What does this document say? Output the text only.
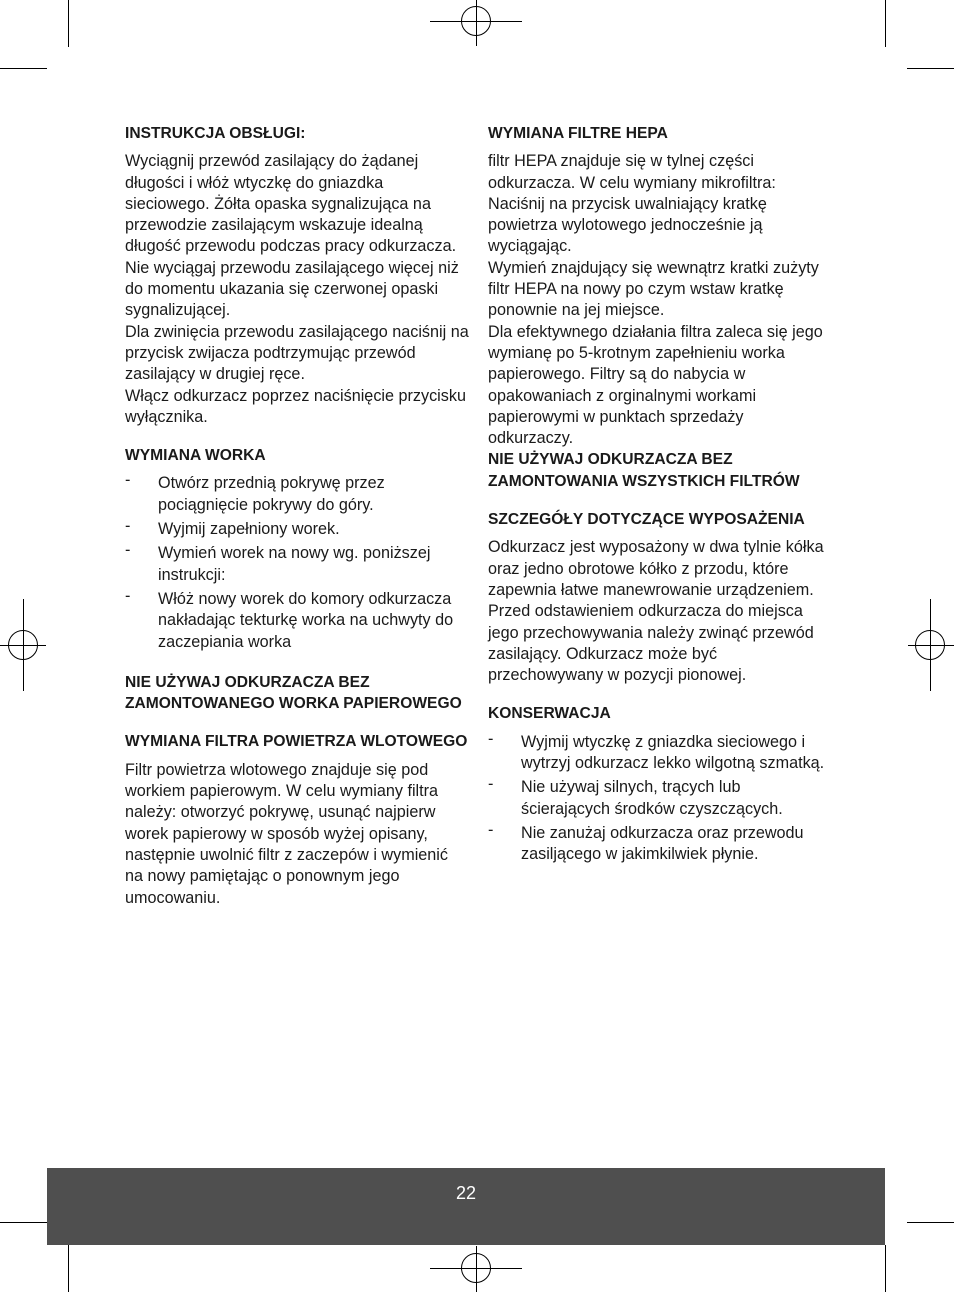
INSTRUKCJA OBSŁUGI:

Wyciągnij przewód zasilający do żądanej długości i włóż wtyczkę do gniazdka sieciowego. Żółta opaska sygnalizująca na przewodzie zasilającym wskazuje idealną długość przewodu podczas pracy odkurzacza. Nie wyciągaj przewodu zasilającego więcej niż do momentu ukazania się czerwonej opaski sygnalizującej.

Dla zwinięcia przewodu zasilającego naciśnij na przycisk zwijacza podtrzymując przewód zasilający w drugiej ręce.

Włącz odkurzacz poprzez naciśnięcie przycisku wyłącznika.

WYMIANA WORKA
- Otwórz przednią pokrywę przez pociągnięcie pokrywy do góry.
- Wyjmij zapełniony worek.
- Wymień worek na nowy wg. poniższej instrukcji:
- Włóż nowy worek do komory odkurzacza nakładając tekturkę worka na uchwyty do zaczepiania worka
NIE UŻYWAJ ODKURZACZA BEZ ZAMONTOWANEGO WORKA PAPIEROWEGO
WYMIANA FILTRA POWIETRZA WLOTOWEGO

Filtr powietrza wlotowego znajduje się pod workiem papierowym. W celu wymiany filtra należy: otworzyć pokrywę, usunąć najpierw worek papierowy w sposób wyżej opisany, następnie uwolnić filtr z zaczepów i wymienić na nowy pamiętając o ponownym jego umocowaniu.

WYMIANA FILTRE HEPA

filtr HEPA znajduje się w tylnej części odkurzacza. W celu wymiany mikrofiltra: Naciśnij na przycisk uwalniający kratkę powietrza wylotowego jednocześnie ją wyciągając.

Wymień znajdujący się wewnątrz kratki zużyty filtr HEPA na nowy po czym wstaw kratkę ponownie na jej miejsce.

Dla efektywnego działania filtra zaleca się jego wymianę po 5-krotnym zapełnieniu worka papierowego. Filtry są do nabycia w opakowaniach z orginalnymi workami papierowymi w punktach sprzedaży odkurzaczy.

NIE UŻYWAJ ODKURZACZA BEZ ZAMONTOWANIA WSZYSTKICH FILTRÓW
SZCZEGÓŁY DOTYCZĄCE WYPOSAŻENIA

Odkurzacz jest wyposażony w dwa tylnie kółka oraz jedno obrotowe kółko z przodu, które zapewnia łatwe manewrowanie urządzeniem. Przed odstawieniem odkurzacza do miejsca jego przechowywania należy zwinąć przewód zasilający. Odkurzacz może być przechowywany w pozycji pionowej.

KONSERWACJA
- Wyjmij wtyczkę z gniazdka sieciowego i wytrzyj odkurzacz lekko wilgotną szmatką.
- Nie używaj silnych, trących lub ścierających środków czyszczących.
- Nie zanużaj odkurzacza oraz przewodu zasiljącego w jakimkilwiek płynie.
22
